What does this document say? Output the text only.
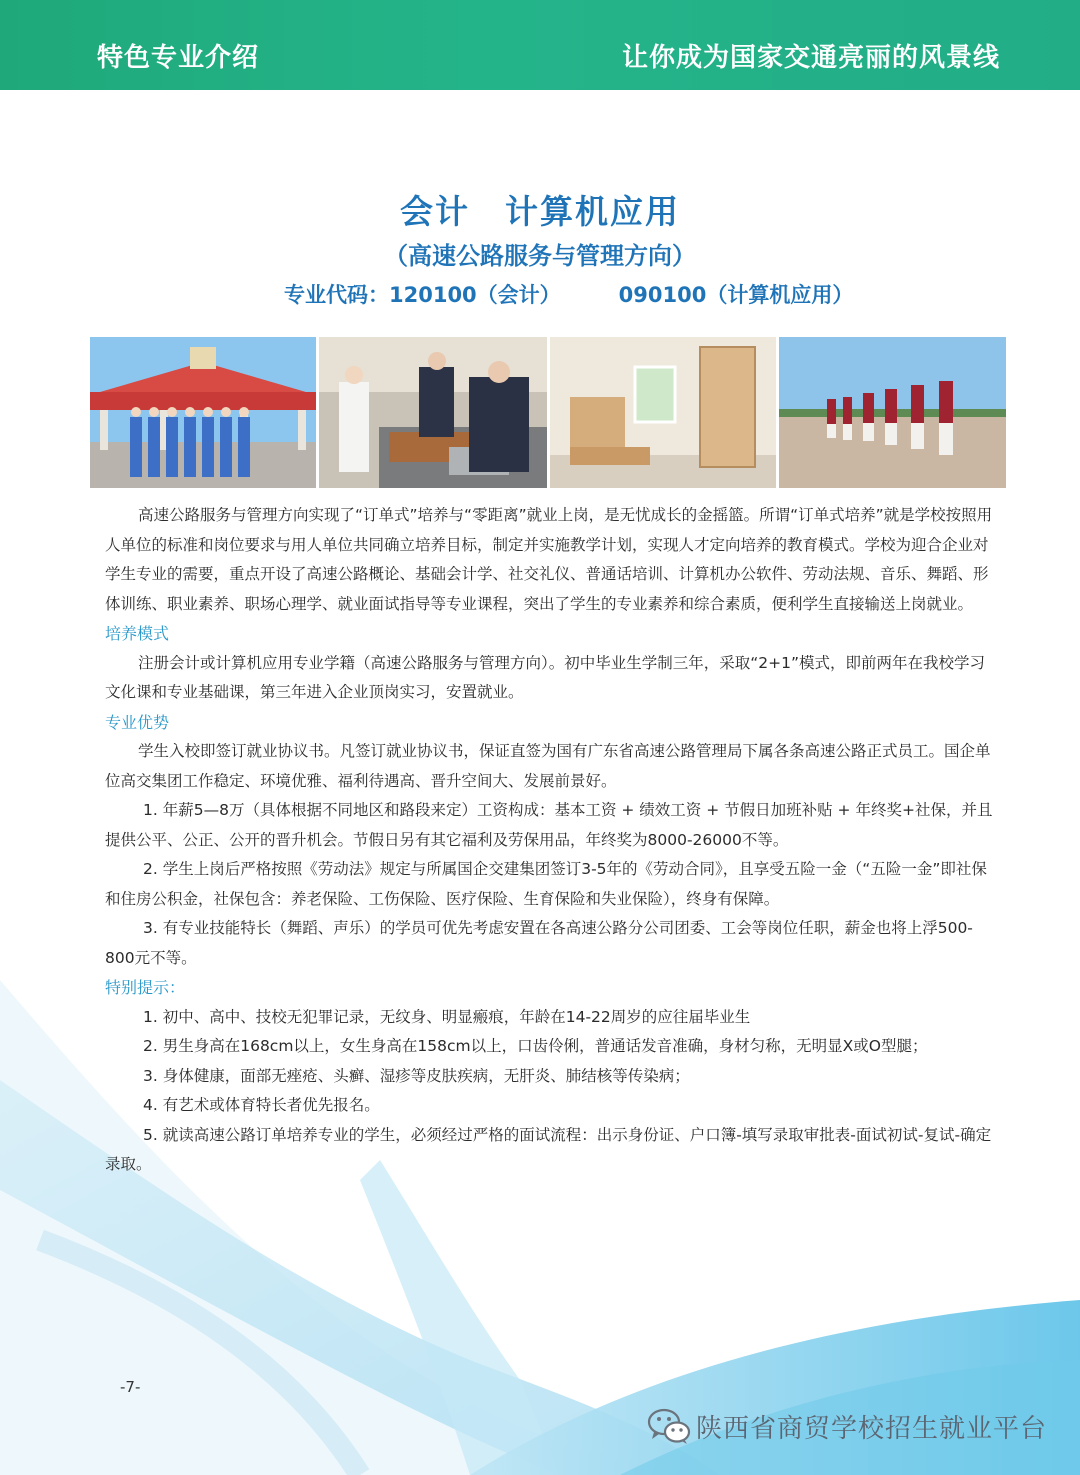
特色专业介绍	让你成为国家交通亮丽的风景线
会计　计算机应用
（高速公路服务与管理方向）
专业代码：120100（会计）	090100（计算机应用）

高速公路服务与管理方向实现了“订单式”培养与“零距离”就业上岗，是无忧成长的金摇篮。所谓“订单式培养”就是学校按照用人单位的标准和岗位要求与用人单位共同确立培养目标，制定并实施教学计划，实现人才定向培养的教育模式。学校为迎合企业对学生专业的需要，重点开设了高速公路概论、基础会计学、社交礼仪、普通话培训、计算机办公软件、劳动法规、音乐、舞蹈、形体训练、职业素养、职场心理学、就业面试指导等专业课程，突出了学生的专业素养和综合素质，便利学生直接输送上岗就业。

培养模式

注册会计或计算机应用专业学籍（高速公路服务与管理方向）。初中毕业生学制三年，采取“2+1”模式，即前两年在我校学习文化课和专业基础课，第三年进入企业顶岗实习，安置就业。

专业优势

学生入校即签订就业协议书。凡签订就业协议书，保证直签为国有广东省高速公路管理局下属各条高速公路正式员工。国企单位高交集团工作稳定、环境优雅、福利待遇高、晋升空间大、发展前景好。

1. 年薪5—8万（具体根据不同地区和路段来定）工资构成：基本工资 + 绩效工资 + 节假日加班补贴 + 年终奖+社保，并且提供公平、公正、公开的晋升机会。节假日另有其它福利及劳保用品，年终奖为8000-26000不等。

2. 学生上岗后严格按照《劳动法》规定与所属国企交建集团签订3-5年的《劳动合同》，且享受五险一金（“五险一金”即社保和住房公积金，社保包含：养老保险、工伤保险、医疗保险、生育保险和失业保险），终身有保障。

3. 有专业技能特长（舞蹈、声乐）的学员可优先考虑安置在各高速公路分公司团委、工会等岗位任职，薪金也将上浮500-800元不等。

特别提示：

1. 初中、高中、技校无犯罪记录，无纹身、明显瘢痕，年龄在14-22周岁的应往届毕业生

2. 男生身高在168cm以上，女生身高在158cm以上，口齿伶俐，普通话发音准确，身材匀称，无明显X或O型腿；

3. 身体健康，面部无痤疮、头癣、湿疹等皮肤疾病，无肝炎、肺结核等传染病；

4. 有艺术或体育特长者优先报名。

5. 就读高速公路订单培养专业的学生，必须经过严格的面试流程：出示身份证、户口簿-填写录取审批表-面试初试-复试-确定录取。

-7-
陕西省商贸学校招生就业平台
